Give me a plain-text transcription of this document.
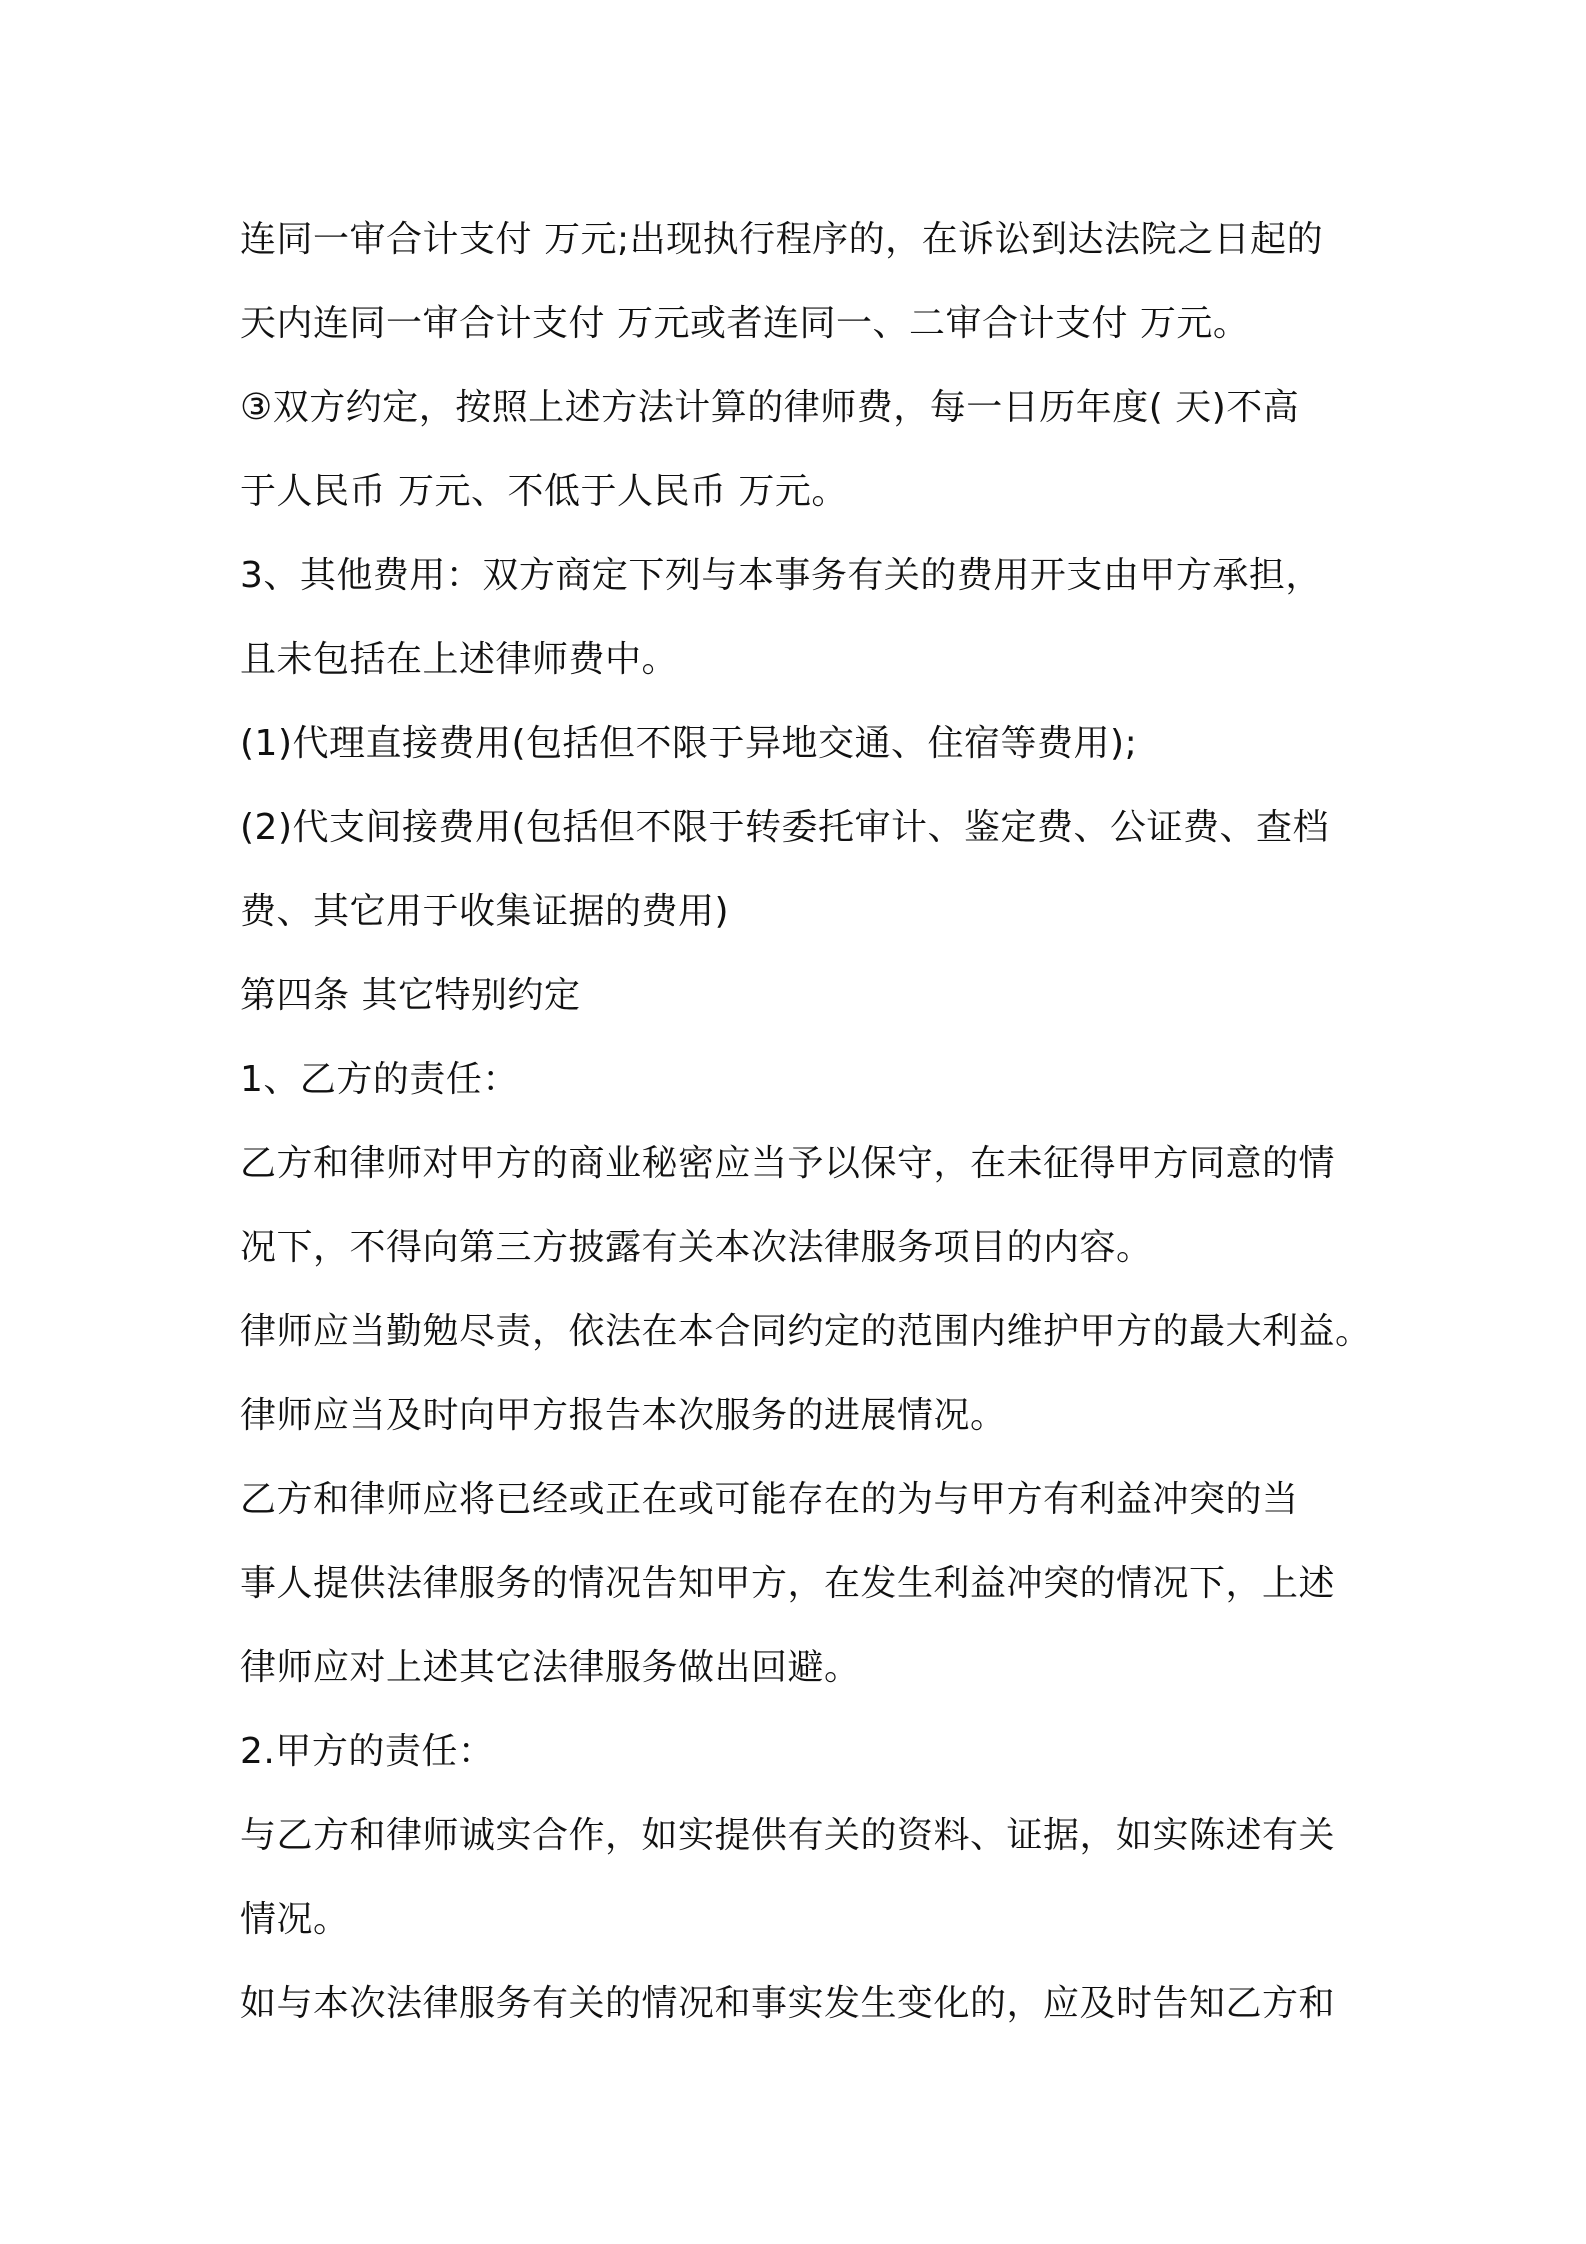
连同一审合计支付 万元;出现执行程序的，在诉讼到达法院之日起的
天内连同一审合计支付 万元或者连同一、二审合计支付 万元。
③双方约定，按照上述方法计算的律师费，每一日历年度( 天)不高
于人民币 万元、不低于人民币 万元。
3、其他费用：双方商定下列与本事务有关的费用开支由甲方承担，
且未包括在上述律师费中。
(1)代理直接费用(包括但不限于异地交通、住宿等费用);
(2)代支间接费用(包括但不限于转委托审计、鉴定费、公证费、查档
费、其它用于收集证据的费用)
第四条 其它特别约定
1、乙方的责任：
乙方和律师对甲方的商业秘密应当予以保守，在未征得甲方同意的情
况下，不得向第三方披露有关本次法律服务项目的内容。
律师应当勤勉尽责，依法在本合同约定的范围内维护甲方的最大利益。
律师应当及时向甲方报告本次服务的进展情况。
乙方和律师应将已经或正在或可能存在的为与甲方有利益冲突的当
事人提供法律服务的情况告知甲方，在发生利益冲突的情况下，上述
律师应对上述其它法律服务做出回避。
2.甲方的责任：
与乙方和律师诚实合作，如实提供有关的资料、证据，如实陈述有关
情况。
如与本次法律服务有关的情况和事实发生变化的，应及时告知乙方和
